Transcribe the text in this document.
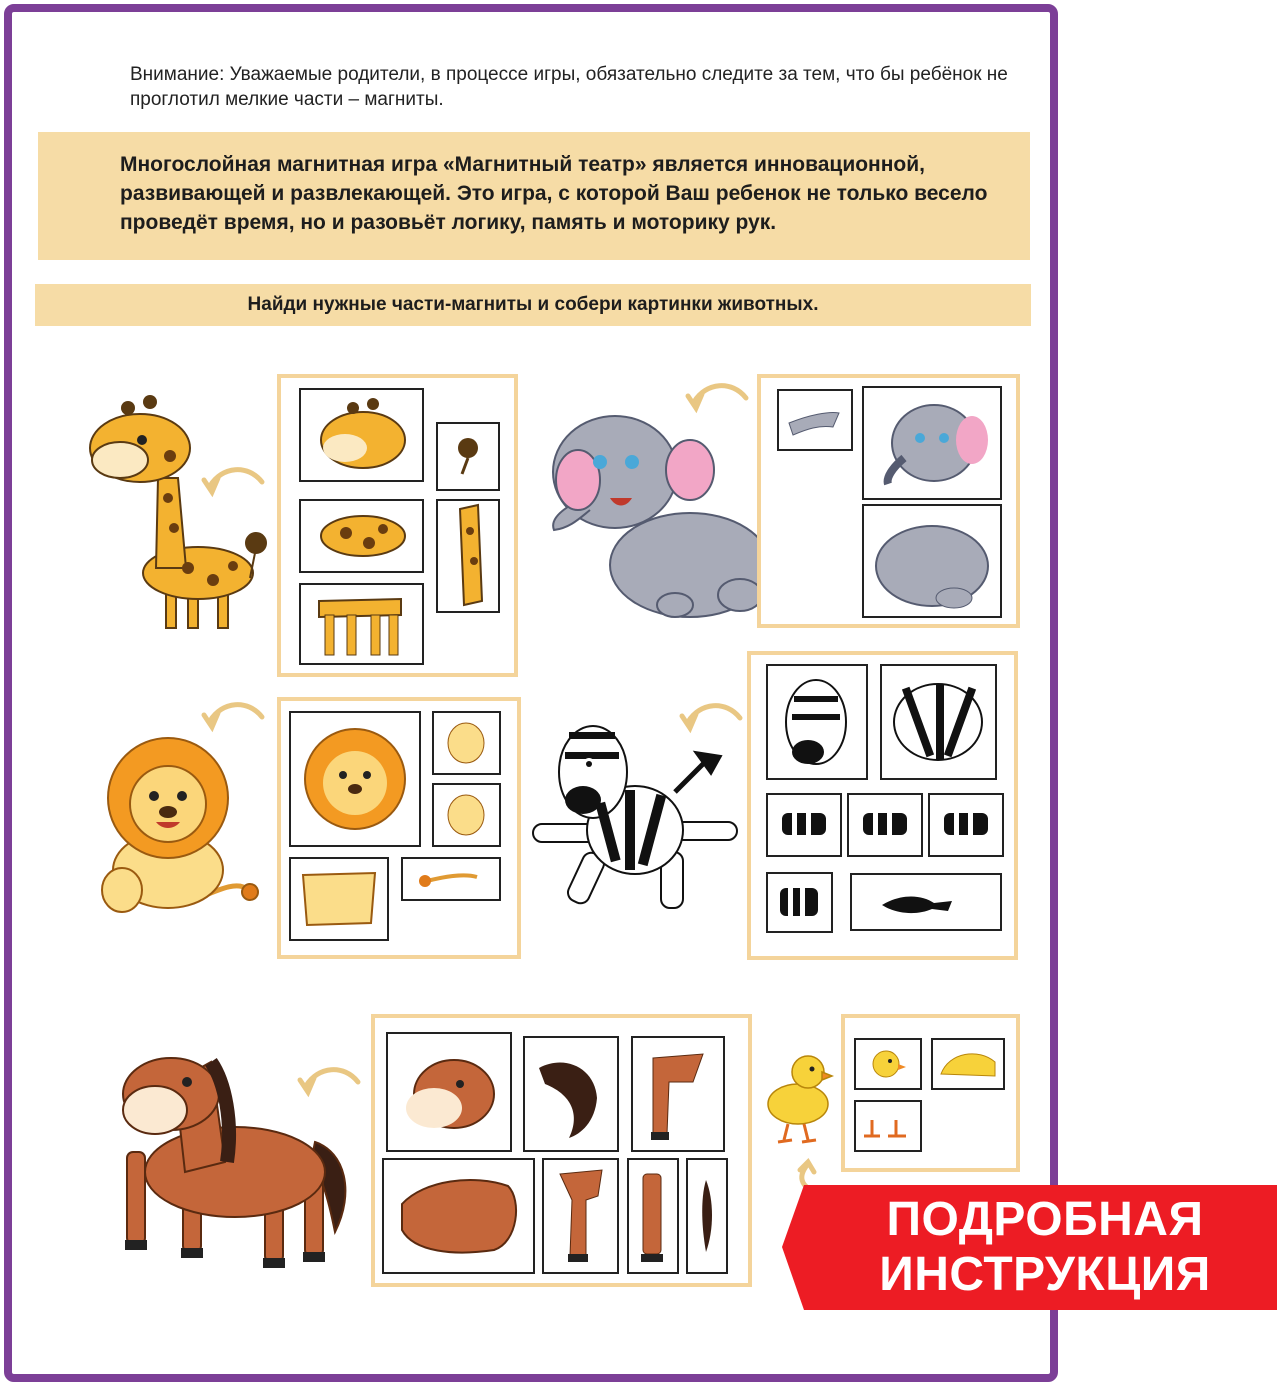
Внимание: Уважаемые родители, в процессе игры, обязательно следите за тем, что бы ребёнок не проглотил мелкие части – магниты.
Многослойная магнитная игра «Магнитный театр» является инновационной, развивающей и развлекающей. Это игра, с которой Ваш ребенок не только весело проведёт время, но и разовьёт логику, память и моторику рук.
Найди нужные части-магниты и собери картинки животных.
ПОДРОБНАЯ
ИНСТРУКЦИЯ
